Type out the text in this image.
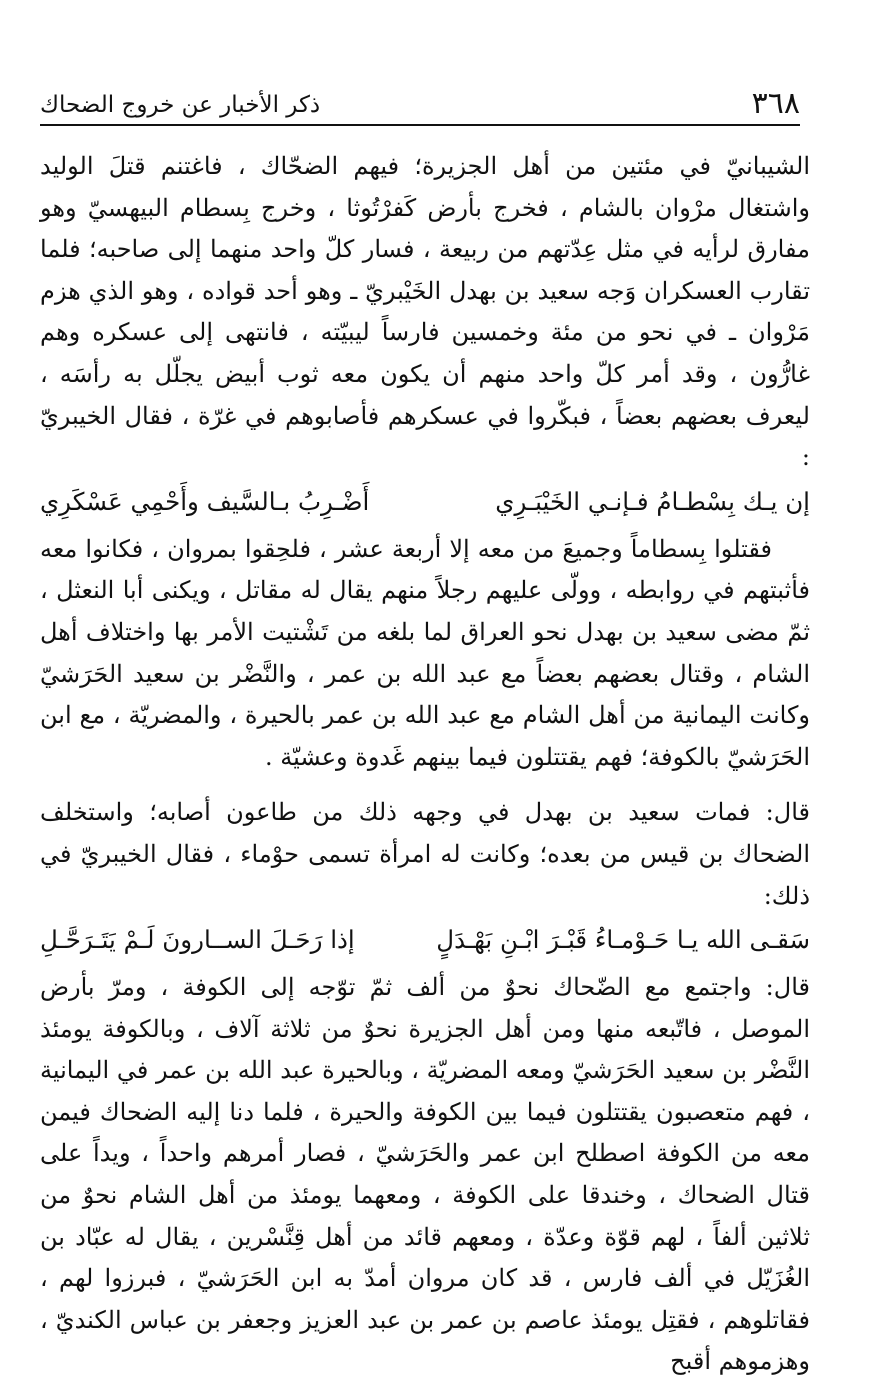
٣٦٨
ذكر الأخبار عن خروج الضحاك

الشيبانيّ في مئتين من أهل الجزيرة؛ فيهم الضحّاك ، فاغتنم قتلَ الوليد واشتغال مرْوان بالشام ، فخرج بأرض كَفرْتُوثا ، وخرج بِسطام البيهسيّ وهو مفارق لرأيه في مثل عِدّتهم من ربيعة ، فسار كلّ واحد منهما إلى صاحبه؛ فلما تقارب العسكران وَجه سعيد بن بهدل الخَيْبريّ ـ وهو أحد قواده ، وهو الذي هزم مَرْوان ـ في نحو من مئة وخمسين فارساً ليبيّته ، فانتهى إلى عسكره وهم غارُّون ، وقد أمر كلّ واحد منهم أن يكون معه ثوب أبيض يجلّل به رأسَه ، ليعرف بعضهم بعضاً ، فبكّروا في عسكرهم فأصابوهم في غرّة ، فقال الخيبريّ :

إن يـك بِسْطـامُ فـإنـي الخَيْبَـرِي
أَضْـرِبُ بـالسَّيف وأَحْمِي عَسْكَرِي

فقتلوا بِسطاماً وجميعَ من معه إلا أربعة عشر ، فلحِقوا بمروان ، فكانوا معه فأثبتهم في روابطه ، وولّى عليهم رجلاً منهم يقال له مقاتل ، ويكنى أبا النعثل ، ثمّ مضى سعيد بن بهدل نحو العراق لما بلغه من تَشْتيت الأمر بها واختلاف أهل الشام ، وقتال بعضهم بعضاً مع عبد الله بن عمر ، والنَّضْر بن سعيد الحَرَشيّ وكانت اليمانية من أهل الشام مع عبد الله بن عمر بالحيرة ، والمضريّة ، مع ابن الحَرَشيّ بالكوفة؛ فهم يقتتلون فيما بينهم غَدوة وعشيّة .

قال: فمات سعيد بن بهدل في وجهه ذلك من طاعون أصابه؛ واستخلف الضحاك بن قيس من بعده؛ وكانت له امرأة تسمى حوْماء ، فقال الخيبريّ في ذلك:

سَقـى الله يـا حَـوْمـاءُ قَبْـرَ ابْـنِ بَهْـدَلٍ
إذا رَحَـلَ الســارونَ لَـمْ يَتَـرَحَّـلِ

قال: واجتمع مع الضّحاك نحوٌ من ألف ثمّ توّجه إلى الكوفة ، ومرّ بأرض الموصل ، فاتّبعه منها ومن أهل الجزيرة نحوٌ من ثلاثة آلاف ، وبالكوفة يومئذ النَّضْر بن سعيد الحَرَشيّ ومعه المضريّة ، وبالحيرة عبد الله بن عمر في اليمانية ، فهم متعصبون يقتتلون فيما بين الكوفة والحيرة ، فلما دنا إليه الضحاك فيمن معه من الكوفة اصطلح ابن عمر والحَرَشيّ ، فصار أمرهم واحداً ، ويداً على قتال الضحاك ، وخندقا على الكوفة ، ومعهما يومئذ من أهل الشام نحوٌ من ثلاثين ألفاً ، لهم قوّة وعدّة ، ومعهم قائد من أهل قِنَّسْرين ، يقال له عبّاد بن الغُزَيّل في ألف فارس ، قد كان مروان أمدّ به ابن الحَرَشيّ ، فبرزوا لهم ، فقاتلوهم ، فقتِل يومئذ عاصم بن عمر بن عبد العزيز وجعفر بن عباس الكنديّ ، وهزموهم أقبح
